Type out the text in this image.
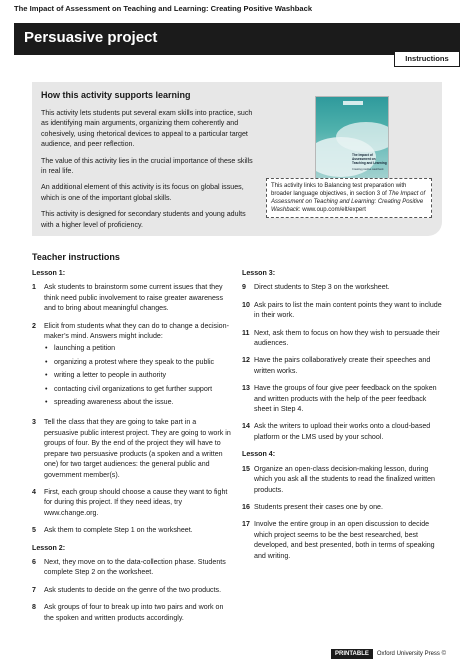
The Impact of Assessment on Teaching and Learning: Creating Positive Washback
Persuasive project
Instructions
How this activity supports learning

This activity lets students put several exam skills into practice, such as identifying main arguments, organizing them coherently and cohesively, using rhetorical devices to appeal to a particular target audience, and peer reflection.

The value of this activity lies in the crucial importance of these skills in real life.

An additional element of this activity is its focus on global issues, which is one of the important global skills.

This activity is designed for secondary students and young adults with a higher level of proficiency.

The Impact of Assessment on Teaching and Learning
Creating positive washback
This activity links to Balancing test preparation with broader language objectives, in section 3 of The Impact of Assessment on Teaching and Learning: Creating Positive Washback: www.oup.com/elt/expert
Teacher instructions
Lesson 1:
1	Ask students to brainstorm some current issues that they think need public involvement to raise greater awareness and to bring about meaningful changes.
2	Elicit from students what they can do to change a decision-maker’s mind. Answers might include:
• launching a petition
• organizing a protest where they speak to the public
• writing a letter to people in authority
• contacting civil organizations to get further support
• spreading awareness about the issue.
3	Tell the class that they are going to take part in a persuasive public interest project. They are going to work in groups of four. By the end of the project they will have to prepare two persuasive products (a spoken and a written one) for two target audiences: the general public and government member(s).
4	First, each group should choose a cause they want to fight for during this project. If they need ideas, try www.change.org.
5	Ask them to complete Step 1 on the worksheet.
Lesson 2:
6	Next, they move on to the data-collection phase. Students complete Step 2 on the worksheet.
7	Ask students to decide on the genre of the two products.
8	Ask groups of four to break up into two pairs and work on the spoken and written products accordingly.
Lesson 3:
9	Direct students to Step 3 on the worksheet.
10 Ask pairs to list the main content points they want to include in their work.
11 Next, ask them to focus on how they wish to persuade their audiences.
12 Have the pairs collaboratively create their speeches and written works.
13 Have the groups of four give peer feedback on the spoken and written products with the help of the peer feedback sheet in Step 4.
14 Ask the writers to upload their works onto a cloud-based platform or the LMS used by your school.
Lesson 4:
15 Organize an open-class decision-making lesson, during which you ask all the students to read the finalized written products.
16 Students present their cases one by one.
17 Involve the entire group in an open discussion to decide which project seems to be the best researched, best developed, and best presented, both in terms of speaking and writing.
PRINTABLE	Oxford University Press ©
